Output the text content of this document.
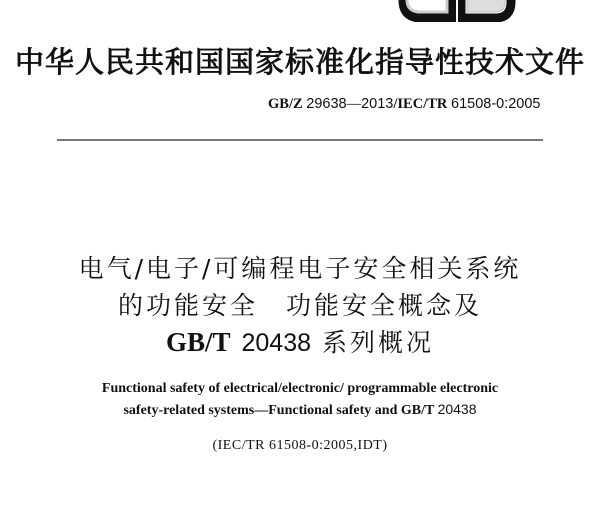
中华人民共和国国家标准化指导性技术文件
GB/Z 29638—2013/IEC/TR 61508-0:2005
电气/电子/可编程电子安全相关系统
的功能安全　功能安全概念及
GB/T 20438 系列概况
Functional safety of electrical/electronic/ programmable electronic
safety-related systems—Functional safety and GB/T 20438
(IEC/TR 61508-0:2005,IDT)
